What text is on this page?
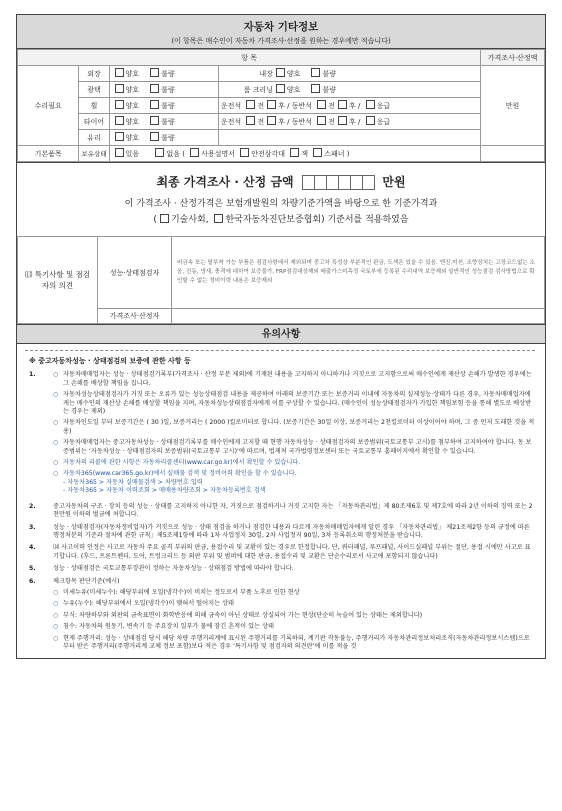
자동차 기타정보
(이 항목은 매수인이 자동차 가격조사·산정을 원하는 경우에만 적습니다)
항 목				가격조사·산정액
수리필요	외장	양호 불량	내장 양호 불량	만원
	광택	양호 불량	룸 크리닝 양호 불량	
	휠	양호 불량	운전석 전 후 / 동반석 전 후 / 응급	
	타이어	양호 불량	운전석 전 후 / 동반석 전 후 / 응급	
	유리	양호 불량		
기본품목	보유상태	있음 없음 ( 사용설명서 안전삼각대 잭 스패너 )		
최종 가격조사 · 산정 금액	만원
이 가격조사 · 산정가격은 보험개발원의 차량기준가액을 바탕으로 한 기준가격과
( 기술사회, 한국자동차진단보증협회) 기준서를 적용하였음
⒀ 특기사항 및 점검자의 의견	성능·상태점검자	비금속 또는 탈부착 가능 부품은 점검사항에서 제외되며 중고차 특성상 부분적인 판금, 도색은 있을 수 있음. 엔진,미션, 조향장치는 고장코드없는 소음, 진동, 냉새, 충격에 대하여 보증불가, FRP점검대상제외 배출가스미측정 국토부에 등록된 수리내역 보증제외 일반적인 성능점검 검사방법으로 확인할 수 없는 정비이력 내용은 보증제외
	가격조사·산정자	
유의사항
※ 중고자동차성능 · 상태점검의 보증에 관한 사항 등
1.	○ 자동차매매업자는 성능 · 상태점검기록부(가격조사 · 산정 부분 제외)에 기재된 내용을 고지하지 아니하거나 거짓으로 고지함으로써 매수인에게 재산상 손해가 발생한 경우에는 그 손해를 배상할 책임을 집니다.
○ 자동차성능상태점검자가 거짓 또는 오류가 있는 성능상태점검 내용을 제공하여 아래의 보증기간 또는 보증거리 이내에 자동차의 실제성능·상태가 다른 경우, 자동차매매업자에게는 매수인의 재산상 손해를 배상할 책임을 지며, 자동차성능상태점검자에게 이를 구상할 수 있습니다. (매수인이 성능상태점검자가 가입한 책임보험 등을 통해 별도로 배상받는 경우는 제외)
○ 자동차인도일 부터 보증기간은 ( 30 )일, 보증거리는 ( 2000 )킬로미터로 합니다. (보증기간은 30일 이상, 보증거리는 2천킬로미터 이상이어야 하며, 그 중 먼저 도래한 것을 적용)
○ 자동차매매업자는 중고자동차성능 · 상태점검기록부를 매수인에게 고지할 때 현행 자동차성능 · 상태점검자의 보증범위(국토교통부 고시)를 첨부하여 고지하여야 합니다. 동 보증범위는 ‘자동차성능 · 상태점검자의 보증범위(국토교통부 고시)’에 따르며, 법제처 국가법령정보센터 또는 국토교통부 홈페이지에서 확인할 수 있습니다.
○ 자동차의 리콜에 관한 사항은 자동차리콜센터(www.car.go.kr)에서 확인할 수 있습니다.
○ 자동차365(www.car365.go.kr)에서 실매물 검색 및 정비이력 확인을 할 수 있습니다.
- 자동차365 > 자동차 실매물검색 > 차량번호 입력
- 자동차365 > 자동차 이력조회 > 매매용차량조회 > 자동차등록번호 검색
2.	중고자동차의 구조 · 장치 등의 성능 · 상태를 고지하지 아니한 자, 거짓으로 점검하거나 거짓 고지한 자는 「자동차관리법」제 80조제6호 및 제7호에 따라 2년 이하의 징역 또는 2천만원 이하의 벌금에 처합니다.
3.	성능 · 상태점검자(자동차정비업자)가 거짓으로 성능 · 상태 점검을 하거나 점검한 내용과 다르게 자동차매매업자에게 알린 경우 「자동차관리법」 제21조제2항 등의 규정에 따른 행정처분의 기준과 절차에 관한 규칙」제5조제1항에 따라 1차 사업정지 30일, 2차 사업정지 90일, 3차 등록취소의 행정처분을 받습니다.
4.	⒁ 사고이력 인정은 사고로 자동차 주요 골격 부위의 판금, 용접수리 및 교환이 있는 경우로 한정합니다. 단, 쿼터패널, 루프패널, 사이드실패널 부위는 절단, 용접 시에만 사고로 표기합니다. (후드, 프론트펜더, 도어, 트렁크리드 등 외판 부위 및 범퍼에 대한 판금, 용접수리 및 교환은 단순수리로서 사고에 포함되지 않습니다)
5.	성능 · 상태점검은 국토교통부장관이 정하는 자동차성능 · 상태점검 방법에 따라야 합니다.
6.	체크항목 판단기준(예시)
○ 미세누유(미세누수): 해당부위에 오일(냉각수)이 비치는 정도로서 부품 노후로 인한 현상
○ 누유(누수): 해당부위에서 오일(냉각수)이 맺혀서 떨어지는 상태
○ 부식: 차량하부와 외판의 금속표면이 화학반응에 의해 금속이 아닌 상태로 상실되어 가는 현상(단순히 녹슬어 있는 상태는 제외합니다)
○ 침수: 자동차의 원동기, 변속기 등 주요장치 일부가 물에 잠긴 흔적이 있는 상태
○ 현재 주행거리: 성능 · 상태점검 당시 해당 차량 주행거리계에 표시된 주행거리를 기록하되, 계기판 작동불능, 주행거리가 자동차관리정보처리조직(자동차관리정보시스템)으로부터 받은 주행거리(주행거리계 교체 정보 포함)보다 적은 경우 ‘특기사항 및 점검자의 의견란’에 이를 적을 것
